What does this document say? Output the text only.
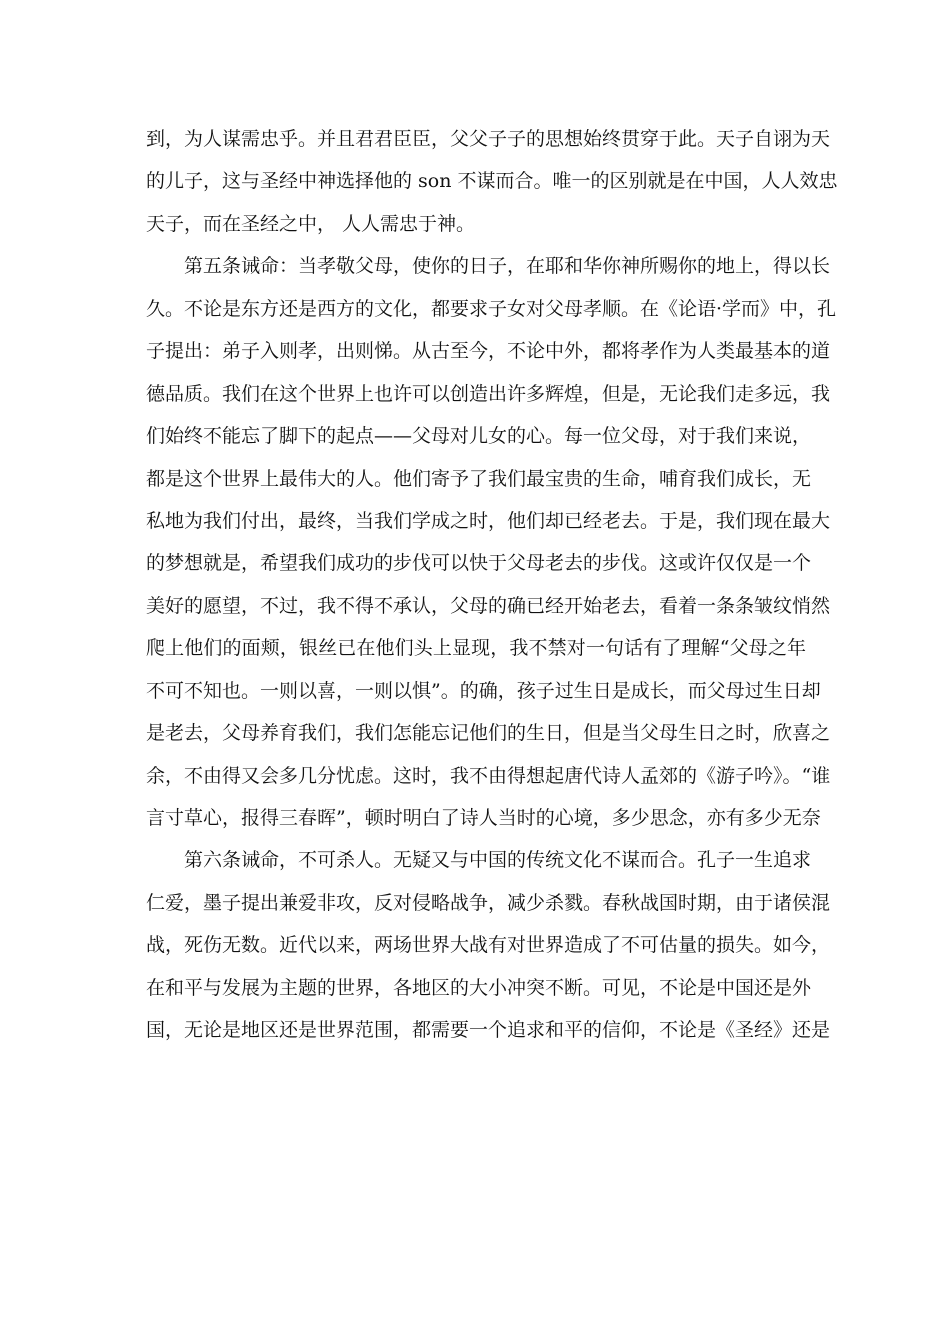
到，为人谋需忠乎。并且君君臣臣，父父子子的思想始终贯穿于此。天子自诩为天
的儿子，这与圣经中神选择他的 son 不谋而合。唯一的区别就是在中国，人人效忠
天子，而在圣经之中， 人人需忠于神。
第五条诫命：当孝敬父母，使你的日子，在耶和华你神所赐你的地上，得以长
久。不论是东方还是西方的文化，都要求子女对父母孝顺。在《论语·学而》中，孔
子提出：弟子入则孝，出则悌。从古至今，不论中外，都将孝作为人类最基本的道
德品质。我们在这个世界上也许可以创造出许多辉煌，但是，无论我们走多远，我
们始终不能忘了脚下的起点——父母对儿女的心。每一位父母，对于我们来说，
都是这个世界上最伟大的人。他们寄予了我们最宝贵的生命，哺育我们成长，无
私地为我们付出，最终，当我们学成之时，他们却已经老去。于是，我们现在最大
的梦想就是，希望我们成功的步伐可以快于父母老去的步伐。这或许仅仅是一个
美好的愿望，不过，我不得不承认，父母的确已经开始老去，看着一条条皱纹悄然
爬上他们的面颊，银丝已在他们头上显现，我不禁对一句话有了理解“父母之年
不可不知也。一则以喜，一则以惧”。的确，孩子过生日是成长，而父母过生日却
是老去，父母养育我们，我们怎能忘记他们的生日，但是当父母生日之时，欣喜之
余，不由得又会多几分忧虑。这时，我不由得想起唐代诗人孟郊的《游子吟》。“谁
言寸草心，报得三春晖”，顿时明白了诗人当时的心境，多少思念，亦有多少无奈
第六条诫命，不可杀人。无疑又与中国的传统文化不谋而合。孔子一生追求
仁爱，墨子提出兼爱非攻，反对侵略战争，减少杀戮。春秋战国时期，由于诸侯混
战，死伤无数。近代以来，两场世界大战有对世界造成了不可估量的损失。如今，
在和平与发展为主题的世界，各地区的大小冲突不断。可见，不论是中国还是外
国，无论是地区还是世界范围，都需要一个追求和平的信仰，不论是《圣经》还是
